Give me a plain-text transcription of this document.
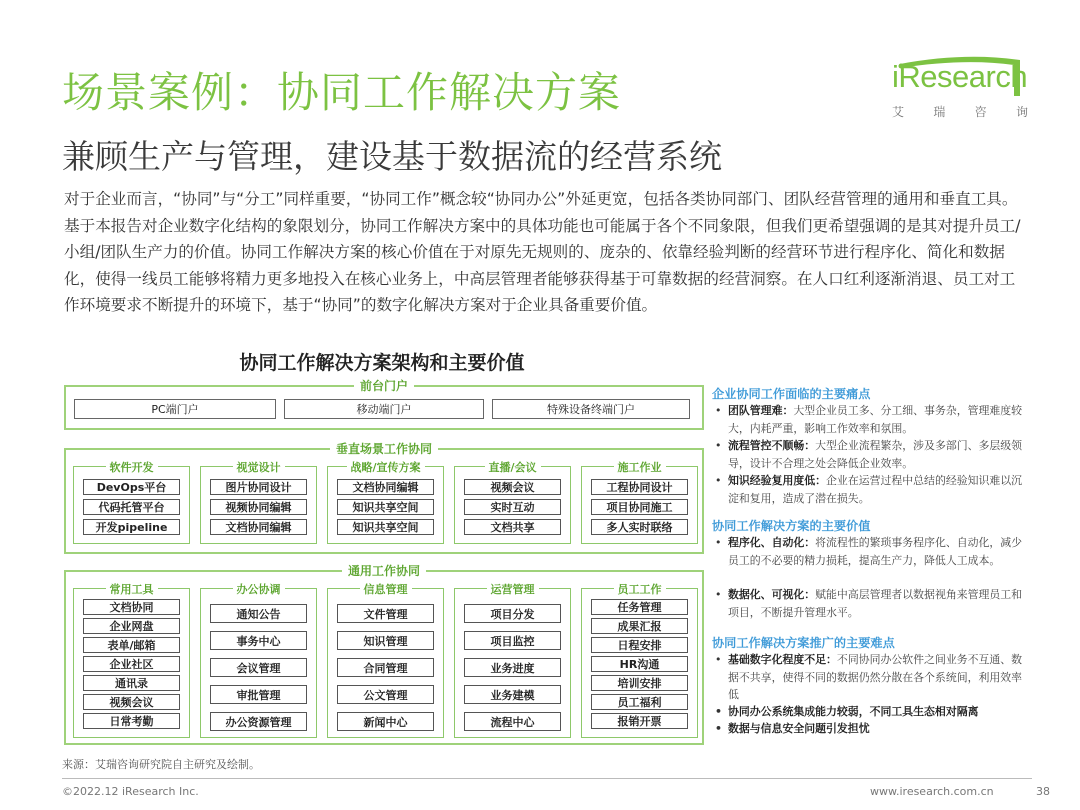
场景案例：协同工作解决方案
兼顾生产与管理，建设基于数据流的经营系统
iResearch
艾 瑞 咨 询

对于企业而言，“协同”与“分工”同样重要，“协同工作”概念较“协同办公”外延更宽，包括各类协同部门、团队经营管理的通用和垂直工具。基于本报告对企业数字化结构的象限划分，协同工作解决方案中的具体功能也可能属于各个不同象限，但我们更希望强调的是其对提升员工/小组/团队生产力的价值。协同工作解决方案的核心价值在于对原先无规则的、庞杂的、依靠经验判断的经营环节进行程序化、简化和数据化，使得一线员工能够将精力更多地投入在核心业务上，中高层管理者能够获得基于可靠数据的经营洞察。在人口红利逐渐消退、员工对工作环境要求不断提升的环境下，基于“协同”的数字化解决方案对于企业具备重要价值。

协同工作解决方案架构和主要价值
前台门户
PC端门户	移动端门户	特殊设备终端门户
垂直场景工作协同
软件开发
DevOps平台
代码托管平台
开发pipeline
视觉设计
图片协同设计
视频协同编辑
文档协同编辑
战略/宣传方案
文档协同编辑
知识共享空间
知识共享空间
直播/会议
视频会议
实时互动
文档共享
施工作业
工程协同设计
项目协同施工
多人实时联络
通用工作协同
常用工具
文档协同
企业网盘
表单/邮箱
企业社区
通讯录
视频会议
日常考勤
办公协调
通知公告
事务中心
会议管理
审批管理
办公资源管理
信息管理
文件管理
知识管理
合同管理
公文管理
新闻中心
运营管理
项目分发
项目监控
业务进度
业务建模
流程中心
员工工作
任务管理
成果汇报
日程安排
HR沟通
培训安排
员工福利
报销开票
企业协同工作面临的主要痛点
• 团队管理难：大型企业员工多、分工细、事务杂，管理难度较大，内耗严重，影响工作效率和氛围。
• 流程管控不顺畅：大型企业流程繁杂，涉及多部门、多层级领导，设计不合理之处会降低企业效率。
• 知识经验复用度低：企业在运营过程中总结的经验知识难以沉淀和复用，造成了潜在损失。
协同工作解决方案的主要价值
• 程序化、自动化：将流程性的繁琐事务程序化、自动化，减少员工的不必要的精力损耗，提高生产力，降低人工成本。
• 数据化、可视化：赋能中高层管理者以数据视角来管理员工和项目，不断提升管理水平。
协同工作解决方案推广的主要难点
• 基础数字化程度不足：不同协同办公软件之间业务不互通、数据不共享，使得不同的数据仍然分散在各个系统间，利用效率低
• 协同办公系统集成能力较弱，不同工具生态相对隔离
• 数据与信息安全问题引发担忧
来源：艾瑞咨询研究院自主研究及绘制。
©2022.12 iResearch Inc.	www.iresearch.com.cn	38
